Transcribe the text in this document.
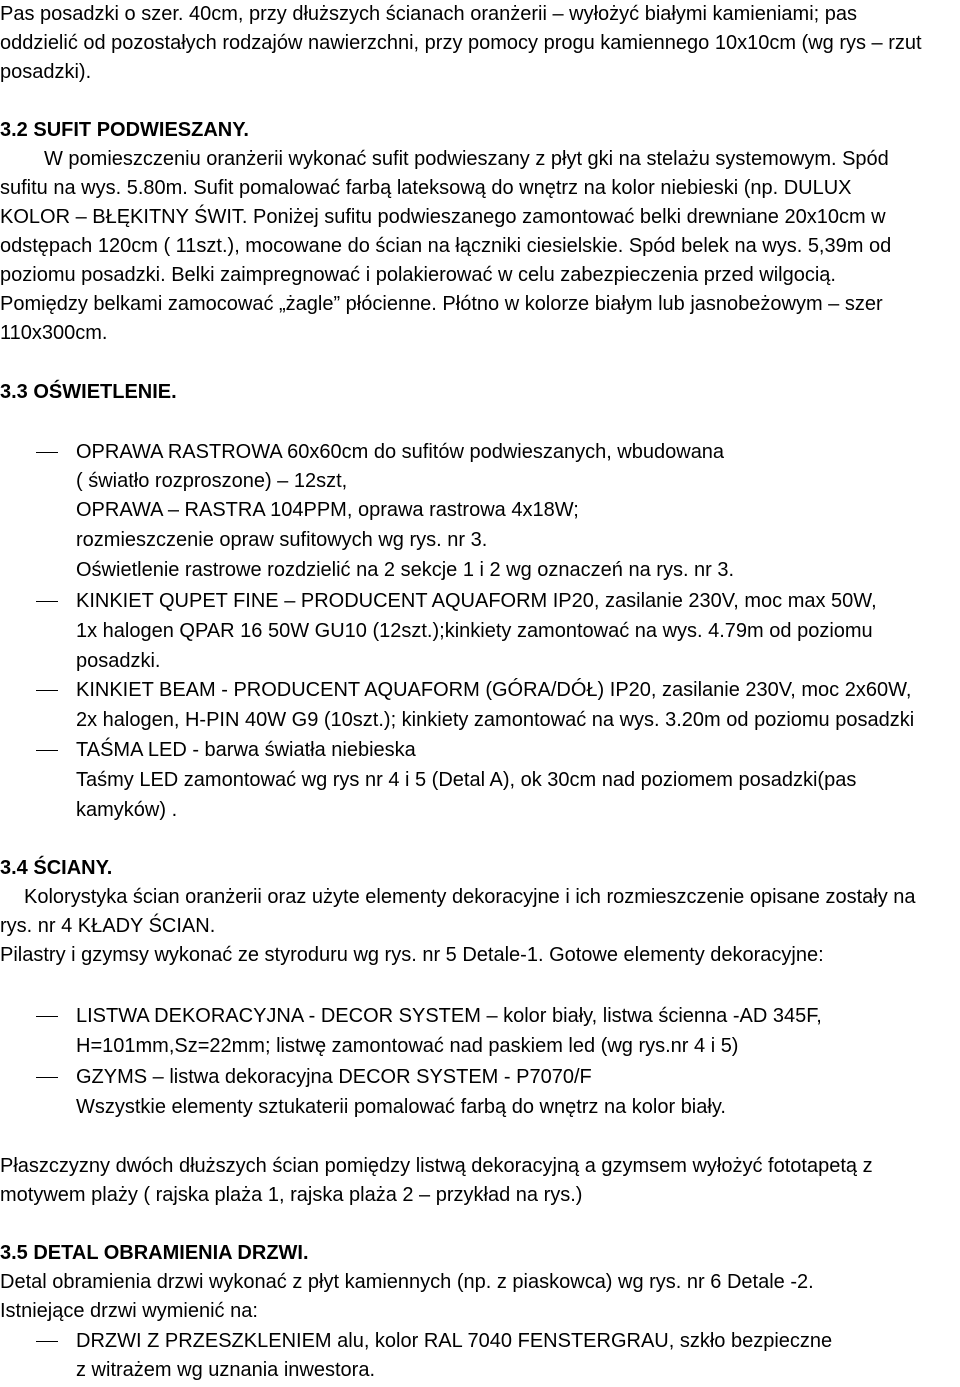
Pas posadzki o szer. 40cm, przy dłuższych ścianach oranżerii – wyłożyć białymi kamieniami; pas
oddzielić od pozostałych rodzajów nawierzchni, przy pomocy progu kamiennego 10x10cm (wg rys – rzut
posadzki).
3.2 SUFIT PODWIESZANY.
W pomieszczeniu oranżerii wykonać sufit podwieszany z płyt gki na stelażu systemowym. Spód
sufitu na wys. 5.80m. Sufit pomalować farbą lateksową do wnętrz na kolor niebieski (np. DULUX
KOLOR – BŁĘKITNY ŚWIT. Poniżej sufitu podwieszanego zamontować belki drewniane 20x10cm w
odstępach 120cm ( 11szt.), mocowane do ścian na łączniki ciesielskie. Spód belek na wys. 5,39m od
poziomu posadzki. Belki zaimpregnować i polakierować w celu zabezpieczenia przed wilgocią.
Pomiędzy belkami zamocować „żagle” płócienne. Płótno w kolorze białym lub jasnobeżowym – szer
110x300cm.
3.3 OŚWIETLENIE.
OPRAWA RASTROWA 60x60cm do sufitów podwieszanych, wbudowana
( światło rozproszone) – 12szt,
OPRAWA – RASTRA 104PPM, oprawa rastrowa 4x18W;
rozmieszczenie opraw sufitowych wg rys. nr 3.
Oświetlenie rastrowe rozdzielić na 2 sekcje 1 i 2 wg oznaczeń na rys. nr 3.
KINKIET QUPET FINE – PRODUCENT AQUAFORM IP20, zasilanie 230V, moc max 50W,
1x halogen QPAR 16 50W GU10 (12szt.);kinkiety zamontować na wys. 4.79m od poziomu
posadzki.
KINKIET BEAM - PRODUCENT AQUAFORM (GÓRA/DÓŁ) IP20, zasilanie 230V, moc 2x60W,
2x halogen, H-PIN 40W G9 (10szt.); kinkiety zamontować na wys. 3.20m od poziomu posadzki
TAŚMA LED - barwa światła niebieska
Taśmy LED zamontować wg rys nr 4 i 5 (Detal A), ok 30cm nad poziomem posadzki(pas
kamyków) .
3.4 ŚCIANY.
Kolorystyka ścian oranżerii oraz użyte elementy dekoracyjne i ich rozmieszczenie opisane zostały na
rys. nr 4 KŁADY ŚCIAN.
Pilastry i gzymsy wykonać ze styroduru wg rys. nr 5 Detale-1. Gotowe elementy dekoracyjne:
LISTWA DEKORACYJNA - DECOR SYSTEM – kolor biały, listwa ścienna -AD 345F,
H=101mm,Sz=22mm; listwę zamontować nad paskiem led (wg rys.nr 4 i 5)
GZYMS – listwa dekoracyjna DECOR SYSTEM - P7070/F
Wszystkie elementy sztukaterii pomalować farbą do wnętrz na kolor biały.
Płaszczyzny dwóch dłuższych ścian pomiędzy listwą dekoracyjną a gzymsem wyłożyć fototapetą z
motywem plaży ( rajska plaża 1, rajska plaża 2 – przykład na rys.)
3.5 DETAL OBRAMIENIA DRZWI.
Detal obramienia drzwi wykonać z płyt kamiennych (np. z piaskowca) wg rys. nr 6 Detale -2.
Istniejące drzwi wymienić na:
DRZWI Z PRZESZKLENIEM alu, kolor RAL 7040 FENSTERGRAU, szkło bezpieczne
z witrażem wg uznania inwestora.
